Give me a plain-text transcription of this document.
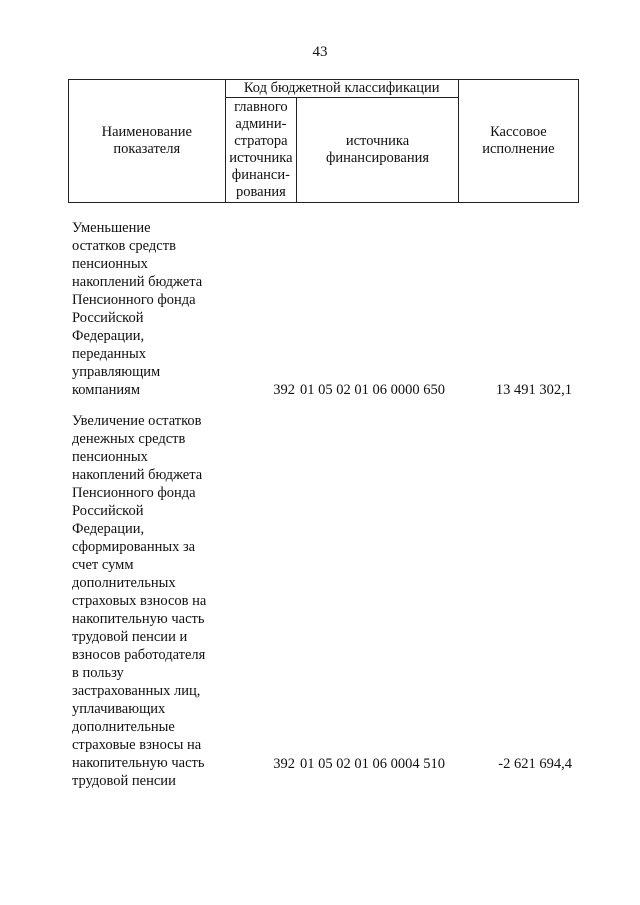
43
Наименование показателя	Код бюджетной классификации		Кассовое исполнение
	главного админи-стратора источника финанси-рования	источника финансирования	
Уменьшение
остатков средств
пенсионных
накоплений бюджета
Пенсионного фонда
Российской
Федерации,
переданных
управляющим
компаниям	392 01 05 02 01 06 0000 650	13 491 302,1
Увеличение остатков
денежных средств
пенсионных
накоплений бюджета
Пенсионного фонда
Российской
Федерации,
сформированных за
счет сумм
дополнительных
страховых взносов на
накопительную часть
трудовой пенсии и
взносов работодателя
в пользу
застрахованных лиц,
уплачивающих
дополнительные
страховые взносы на
накопительную часть
трудовой пенсии
392 01 05 02 01 06 0004 510	-2 621 694,4
